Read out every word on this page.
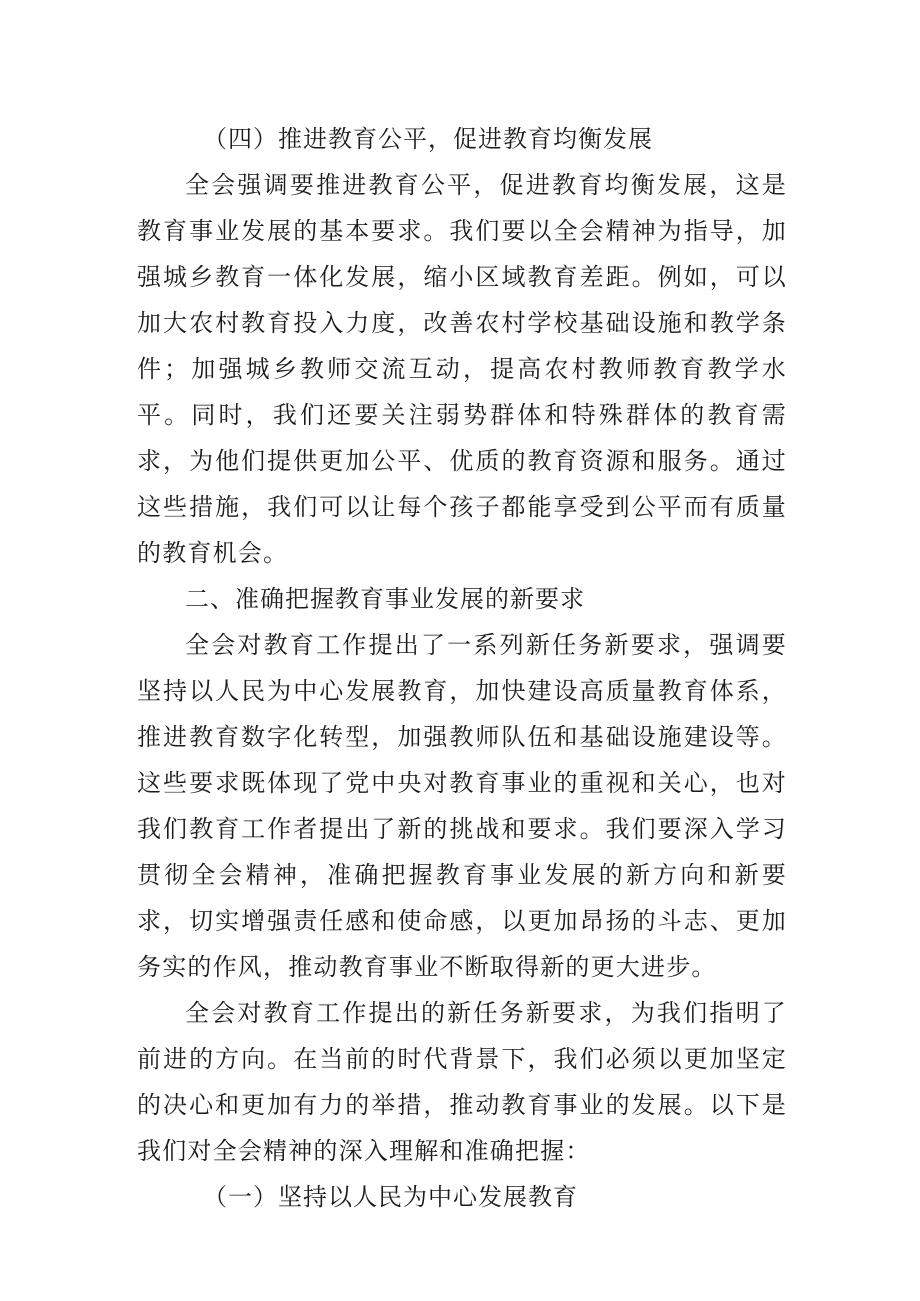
（四）推进教育公平，促进教育均衡发展

全会强调要推进教育公平，促进教育均衡发展，这是教育事业发展的基本要求。我们要以全会精神为指导，加强城乡教育一体化发展，缩小区域教育差距。例如，可以加大农村教育投入力度，改善农村学校基础设施和教学条件；加强城乡教师交流互动，提高农村教师教育教学水平。同时，我们还要关注弱势群体和特殊群体的教育需求，为他们提供更加公平、优质的教育资源和服务。通过这些措施，我们可以让每个孩子都能享受到公平而有质量的教育机会。

二、准确把握教育事业发展的新要求

全会对教育工作提出了一系列新任务新要求，强调要坚持以人民为中心发展教育，加快建设高质量教育体系，推进教育数字化转型，加强教师队伍和基础设施建设等。这些要求既体现了党中央对教育事业的重视和关心，也对我们教育工作者提出了新的挑战和要求。我们要深入学习贯彻全会精神，准确把握教育事业发展的新方向和新要求，切实增强责任感和使命感，以更加昂扬的斗志、更加务实的作风，推动教育事业不断取得新的更大进步。

全会对教育工作提出的新任务新要求，为我们指明了前进的方向。在当前的时代背景下，我们必须以更加坚定的决心和更加有力的举措，推动教育事业的发展。以下是我们对全会精神的深入理解和准确把握：

（一）坚持以人民为中心发展教育
